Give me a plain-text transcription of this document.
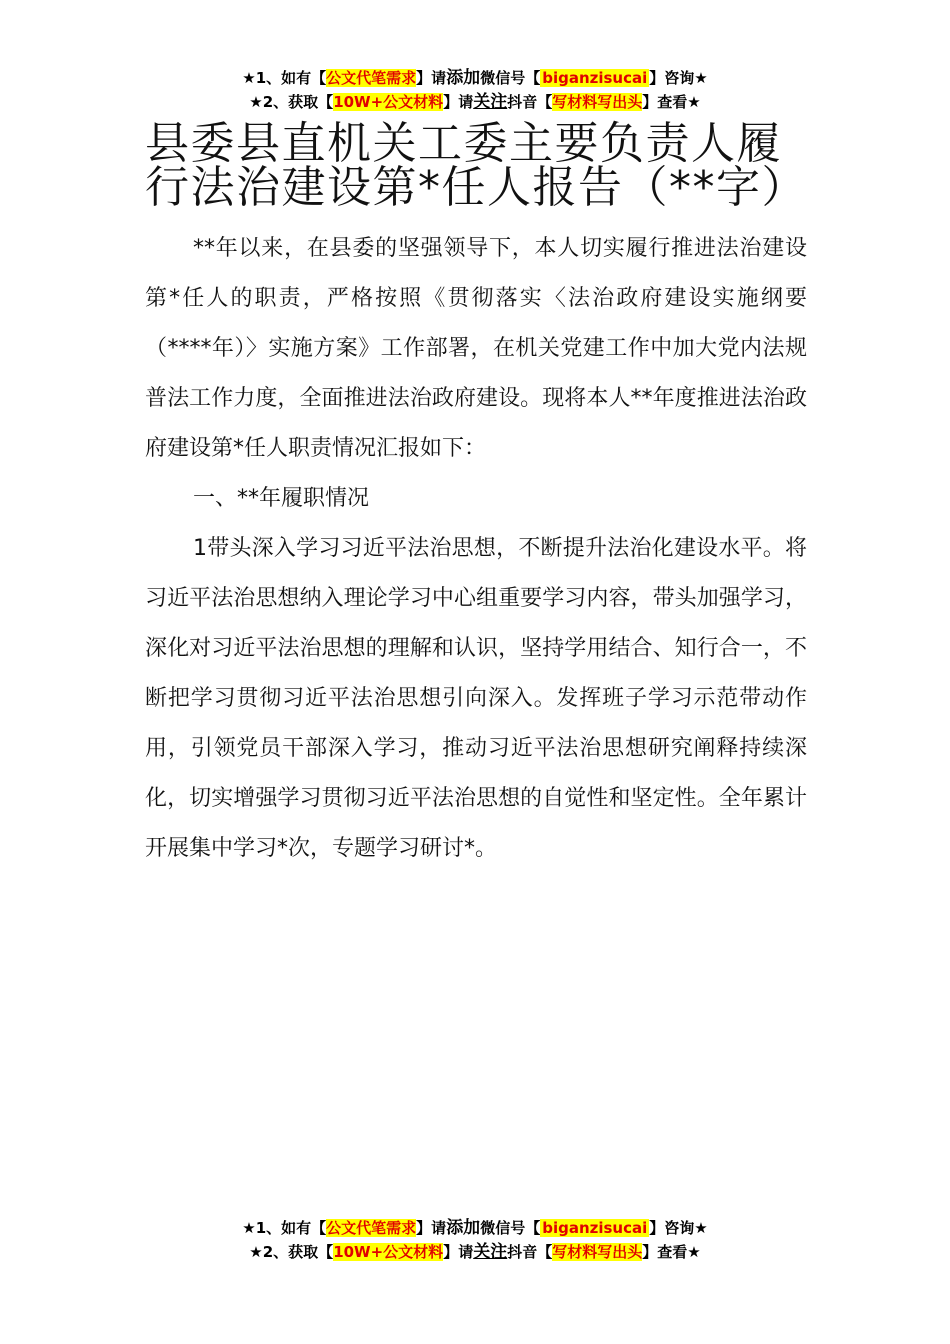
★1、如有【公文代笔需求】请添加微信号【 biganzisucai 】咨询★
★2、获取【10W+公文材料】请关注抖音【写材料写出头】查看★
县委县直机关工委主要负责人履行法治建设第*任人报告（**字）

**年以来，在县委的坚强领导下，本人切实履行推进法治建设第*任人的职责，严格按照《贯彻落实〈法治政府建设实施纲要（****年）〉实施方案》工作部署，在机关党建工作中加大党内法规普法工作力度，全面推进法治政府建设。现将本人**年度推进法治政府建设第*任人职责情况汇报如下：

一、**年履职情况

1带头深入学习习近平法治思想，不断提升法治化建设水平。将习近平法治思想纳入理论学习中心组重要学习内容，带头加强学习，深化对习近平法治思想的理解和认识，坚持学用结合、知行合一，不断把学习贯彻习近平法治思想引向深入。发挥班子学习示范带动作用，引领党员干部深入学习，推动习近平法治思想研究阐释持续深化，切实增强学习贯彻习近平法治思想的自觉性和坚定性。全年累计开展集中学习*次，专题学习研讨*。

★1、如有【公文代笔需求】请添加微信号【 biganzisucai 】咨询★
★2、获取【10W+公文材料】请关注抖音【写材料写出头】查看★
